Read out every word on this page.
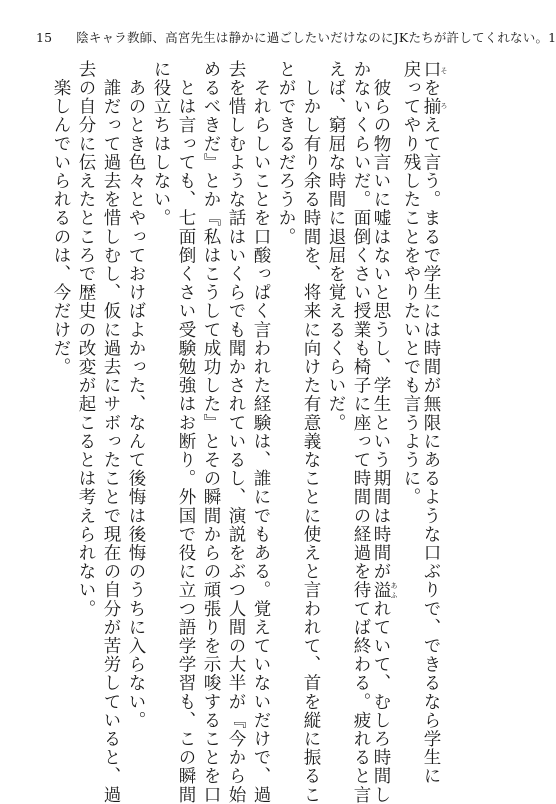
15 陰キャラ教師、高宮先生は静かに過ごしたいだけなのにJKたちが許してくれない。1
口を揃 そろえて言う。まるで学生には時間が無限にあるような口ぶりで、できるなら学生に
戻ってやり残したことをやりたいとでも言うように。
　彼らの物言いに嘘はないと思うし、学生という期間は時間が溢 あふれていて、むしろ時間し
かないくらいだ。面倒くさい授業も椅子に座って時間の経過を待てば終わる。疲れると言
えば、窮屈な時間に退屈を覚えるくらいだ。
　しかし有り余る時間を、将来に向けた有意義なことに使えと言われて、首を縦に振るこ
とができるだろうか。
　それらしいことを口酸っぱく言われた経験は、誰にでもある。覚えていないだけで、過
去を惜しむような話はいくらでも聞かされているし、演説をぶつ人間の大半が『今から始
めるべきだ』とか『私はこうして成功した』とその瞬間からの頑張りを示唆することを口
　とは言っても、七面倒くさい受験勉強はお断り。外国で役に立つ語学学習も、この瞬間
に役立ちはしない。
　あのとき色々とやっておけばよかった、なんて後悔は後悔のうちに入らない。
　誰だって過去を惜しむし、仮に過去にサボったことで現在の自分が苦労していると、過
去の自分に伝えたところで歴史の改変が起こるとは考えられない。
　楽しんでいられるのは、今だけだ。
